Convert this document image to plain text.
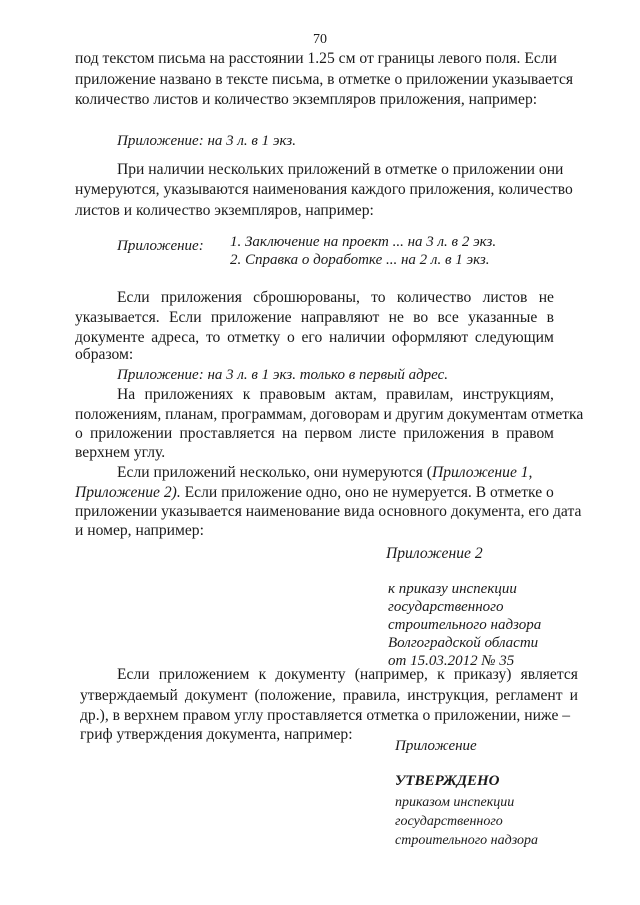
70
под текстом письма на расстоянии 1.25 см от границы левого поля. Если
приложение названо в тексте письма, в отметке о приложении указывается
количество листов и количество экземпляров приложения, например:
Приложение: на 3 л. в 1 экз.
При наличии нескольких приложений в отметке о приложении они
нумеруются, указываются наименования каждого приложения, количество
листов и количество экземпляров, например:
Приложение: 1. Заключение на проект ... на 3 л. в 2 экз.
2. Справка о доработке ... на 2 л. в 1 экз.
Если приложения сброшюрованы, то количество листов не
указывается. Если приложение направляют не во все указанные в
документе адреса, то отметку о его наличии оформляют следующим
образом:
Приложение: на 3 л. в 1 экз. только в первый адрес.
На приложениях к правовым актам, правилам, инструкциям,
положениям, планам, программам, договорам и другим документам отметка
о приложении проставляется на первом листе приложения в правом
верхнем углу.
Если приложений несколько, они нумеруются (Приложение 1,
Приложение 2). Если приложение одно, оно не нумеруется. В отметке о
приложении указывается наименование вида основного документа, его дата
и номер, например:
Приложение 2
к приказу инспекции
государственного
строительного надзора
Волгоградской области
от 15.03.2012 № 35
Если приложением к документу (например, к приказу) является
утверждаемый документ (положение, правила, инструкция, регламент и
др.), в верхнем правом углу проставляется отметка о приложении, ниже –
гриф утверждения документа, например:
Приложение
УТВЕРЖДЕНО
приказом инспекции
государственного
строительного надзора
